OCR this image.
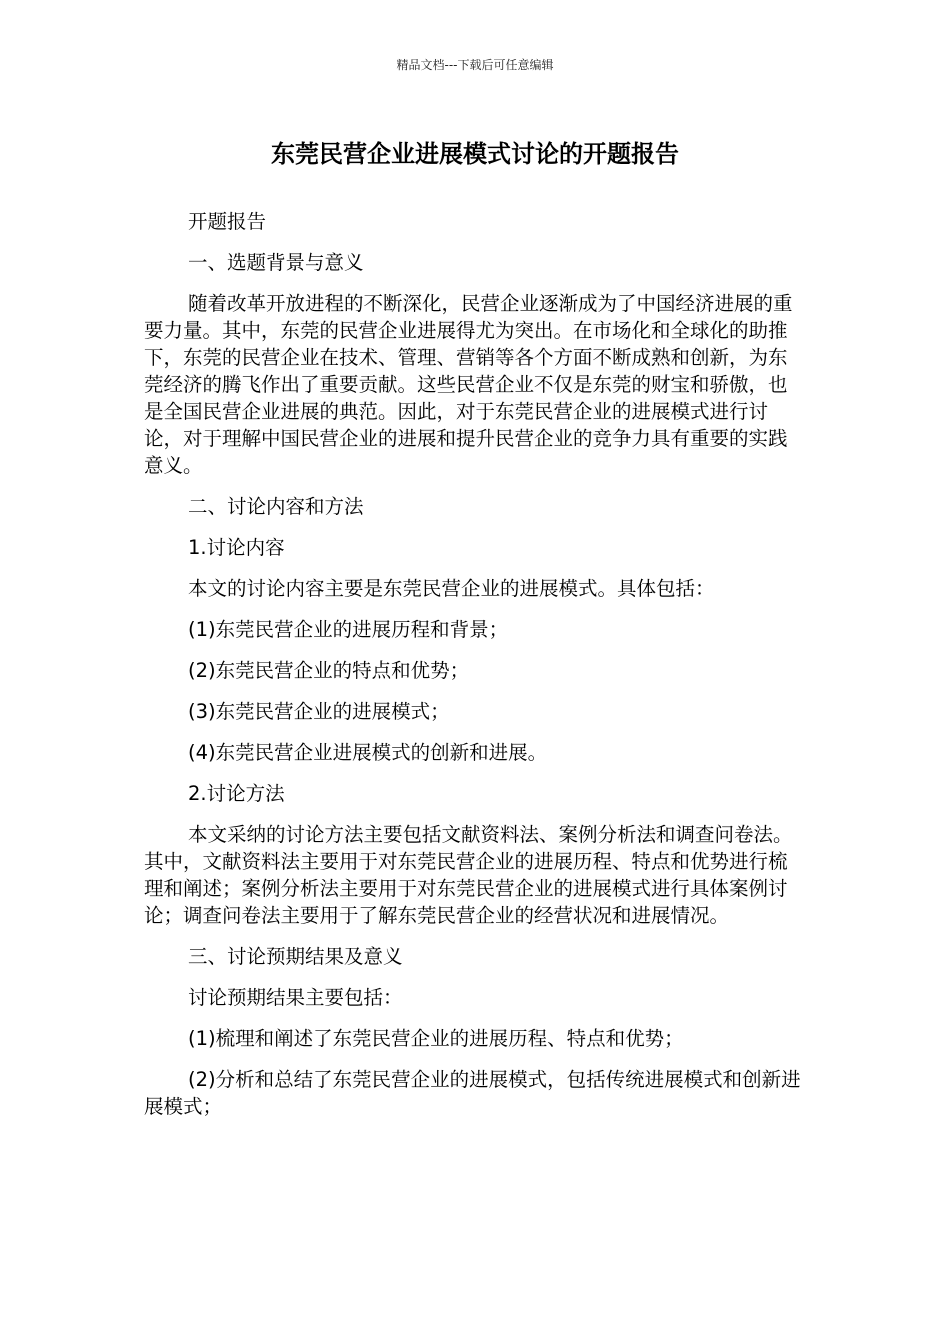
精品文档---下载后可任意编辑
东莞民营企业进展模式讨论的开题报告

开题报告

一、选题背景与意义

随着改革开放进程的不断深化，民营企业逐渐成为了中国经济进展的重要力量。其中，东莞的民营企业进展得尤为突出。在市场化和全球化的助推下，东莞的民营企业在技术、管理、营销等各个方面不断成熟和创新，为东莞经济的腾飞作出了重要贡献。这些民营企业不仅是东莞的财宝和骄傲，也是全国民营企业进展的典范。因此，对于东莞民营企业的进展模式进行讨论，对于理解中国民营企业的进展和提升民营企业的竞争力具有重要的实践意义。

二、讨论内容和方法

1.讨论内容

本文的讨论内容主要是东莞民营企业的进展模式。具体包括：

(1)东莞民营企业的进展历程和背景；

(2)东莞民营企业的特点和优势；

(3)东莞民营企业的进展模式；

(4)东莞民营企业进展模式的创新和进展。

2.讨论方法

本文采纳的讨论方法主要包括文献资料法、案例分析法和调查问卷法。其中，文献资料法主要用于对东莞民营企业的进展历程、特点和优势进行梳理和阐述；案例分析法主要用于对东莞民营企业的进展模式进行具体案例讨论；调查问卷法主要用于了解东莞民营企业的经营状况和进展情况。

三、讨论预期结果及意义

讨论预期结果主要包括：

(1)梳理和阐述了东莞民营企业的进展历程、特点和优势；

(2)分析和总结了东莞民营企业的进展模式，包括传统进展模式和创新进展模式；
